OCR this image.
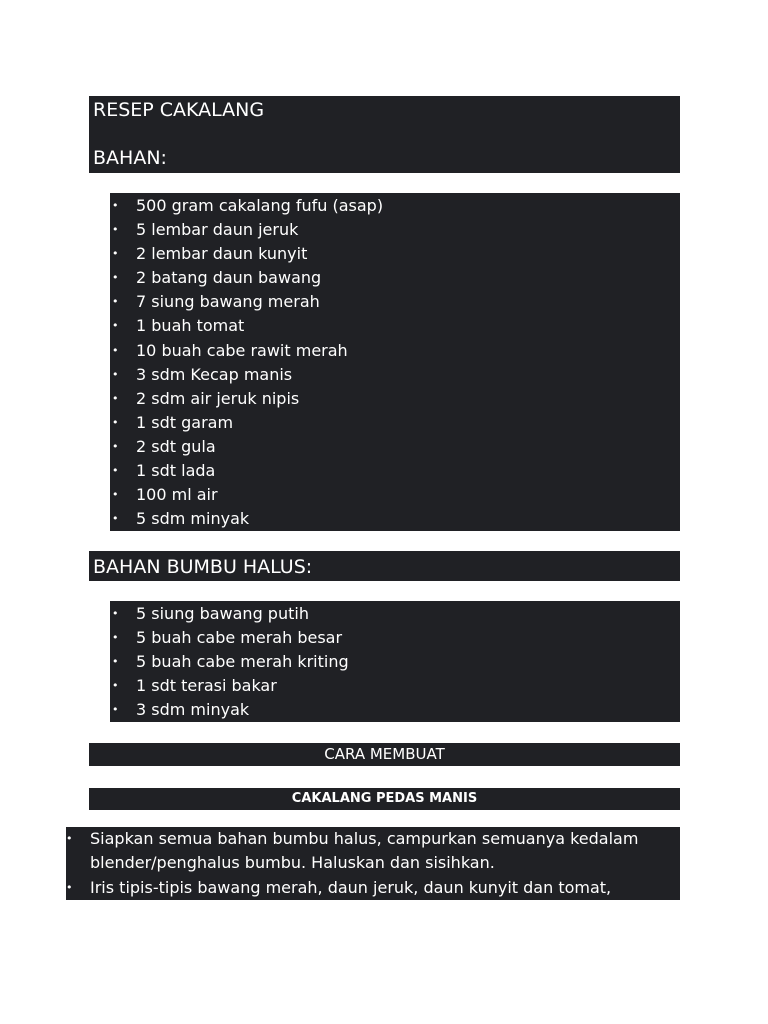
RESEP CAKALANG
BAHAN:
• 500 gram cakalang fufu (asap)
• 5 lembar daun jeruk
• 2 lembar daun kunyit
• 2 batang daun bawang
• 7 siung bawang merah
• 1 buah tomat
• 10 buah cabe rawit merah
• 3 sdm Kecap manis
• 2 sdm air jeruk nipis
• 1 sdt garam
• 2 sdt gula
• 1 sdt lada
• 100 ml air
• 5 sdm minyak
BAHAN BUMBU HALUS:
• 5 siung bawang putih
• 5 buah cabe merah besar
• 5 buah cabe merah kriting
• 1 sdt terasi bakar
• 3 sdm minyak
CARA MEMBUAT
CAKALANG PEDAS MANIS
• Siapkan semua bahan bumbu halus, campurkan semuanya kedalam blender/penghalus bumbu. Haluskan dan sisihkan.
• Iris tipis-tipis bawang merah, daun jeruk, daun kunyit dan tomat, sisihkan.
